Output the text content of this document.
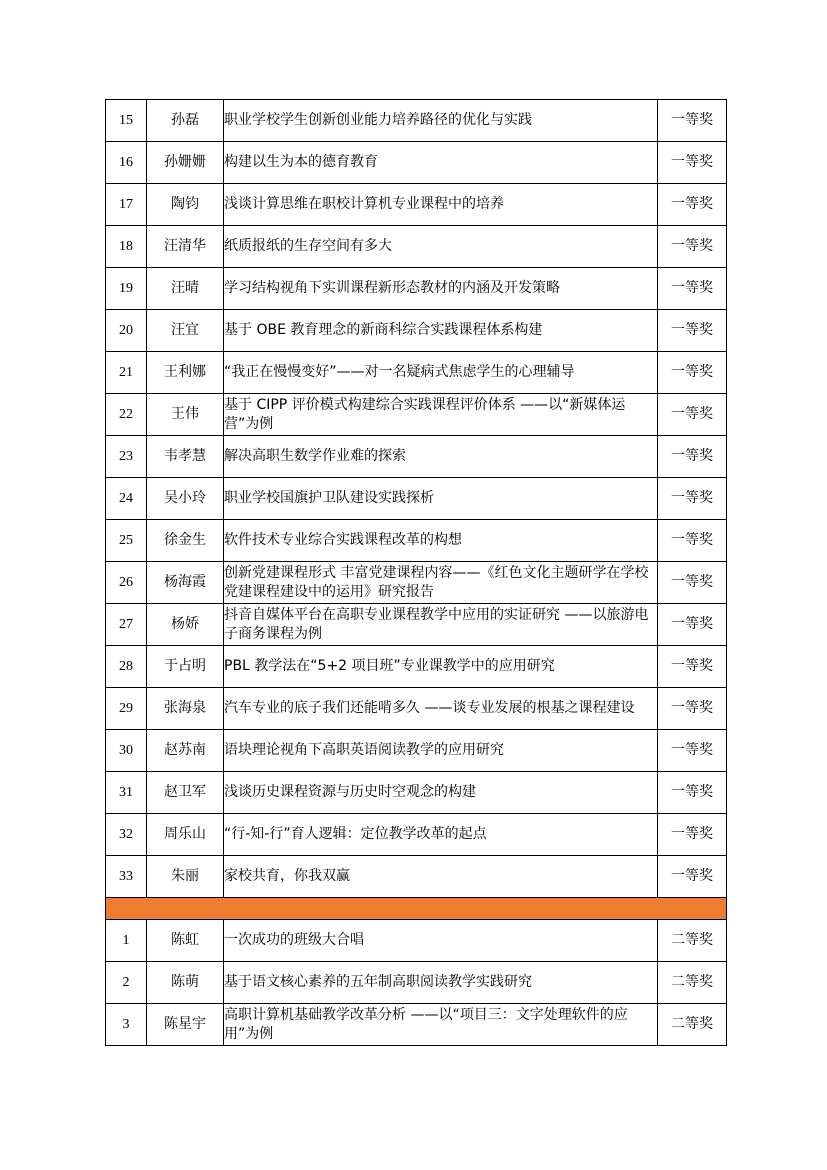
15	孙磊	职业学校学生创新创业能力培养路径的优化与实践	一等奖
16	孙姗姗	构建以生为本的德育教育	一等奖
17	陶钧	浅谈计算思维在职校计算机专业课程中的培养	一等奖
18	汪清华	纸质报纸的生存空间有多大	一等奖
19	汪晴	学习结构视角下实训课程新形态教材的内涵及开发策略	一等奖
20	汪宜	基于 OBE 教育理念的新商科综合实践课程体系构建	一等奖
21	王利娜	“我正在慢慢变好”——对一名疑病式焦虑学生的心理辅导	一等奖
22	王伟	基于 CIPP 评价模式构建综合实践课程评价体系 ——以“新媒体运营”为例	一等奖
23	韦孝慧	解决高职生数学作业难的探索	一等奖
24	吴小玲	职业学校国旗护卫队建设实践探析	一等奖
25	徐金生	软件技术专业综合实践课程改革的构想	一等奖
26	杨海霞	创新党建课程形式 丰富党建课程内容——《红色文化主题研学在学校党建课程建设中的运用》研究报告	一等奖
27	杨娇	抖音自媒体平台在高职专业课程教学中应用的实证研究 ——以旅游电子商务课程为例	一等奖
28	于占明	PBL 教学法在“5+2 项目班”专业课教学中的应用研究	一等奖
29	张海泉	汽车专业的底子我们还能啃多久 ——谈专业发展的根基之课程建设	一等奖
30	赵苏南	语块理论视角下高职英语阅读教学的应用研究	一等奖
31	赵卫军	浅谈历史课程资源与历史时空观念的构建	一等奖
32	周乐山	“行-知-行”育人逻辑：定位教学改革的起点	一等奖
33	朱丽	家校共育，你我双赢	一等奖

1	陈虹	一次成功的班级大合唱	二等奖
2	陈萌	基于语文核心素养的五年制高职阅读教学实践研究	二等奖
3	陈星宇	高职计算机基础教学改革分析 ——以“项目三：文字处理软件的应用”为例	二等奖
